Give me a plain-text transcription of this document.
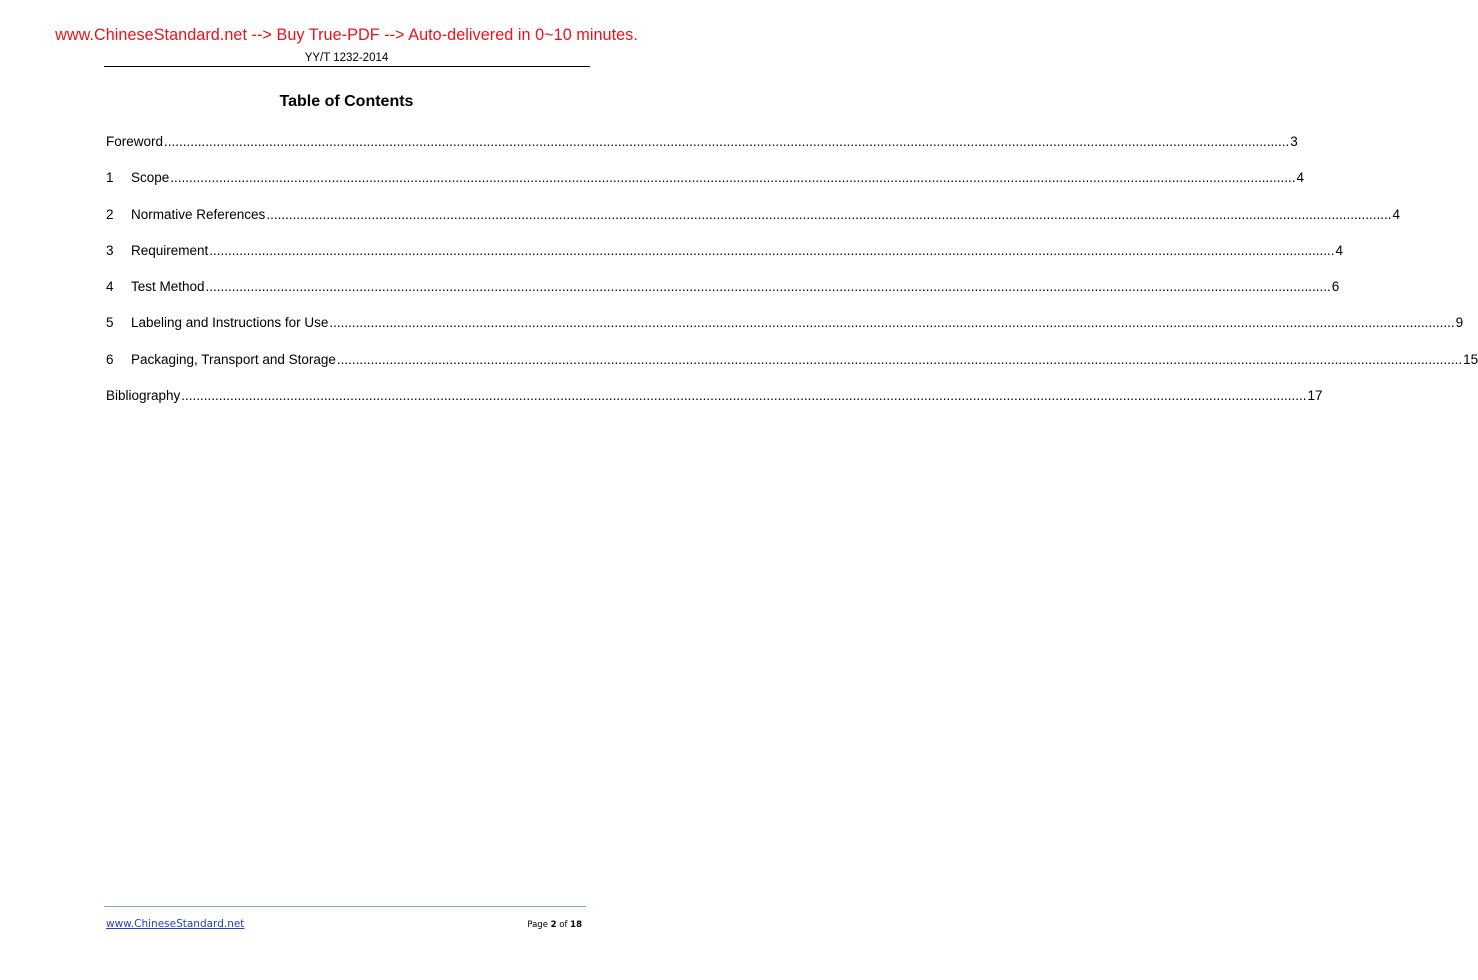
www.ChineseStandard.net --> Buy True-PDF --> Auto-delivered in 0~10 minutes.
YY/T 1232-2014
Table of Contents
Foreword ............................................................................................................................................................................................................................................................................................................ 3
1	Scope ............................................................................................................................................................................................................................................................................................................ 4
2	Normative References ............................................................................................................................................................................................................................................................................................................ 4
3	Requirement ............................................................................................................................................................................................................................................................................................................ 4
4	Test Method ............................................................................................................................................................................................................................................................................................................ 6
5	Labeling and Instructions for Use ............................................................................................................................................................................................................................................................................................................ 9
6	Packaging, Transport and Storage ............................................................................................................................................................................................................................................................................................................ 15
Bibliography ............................................................................................................................................................................................................................................................................................................ 17
www.ChineseStandard.net	Page 2 of 18
